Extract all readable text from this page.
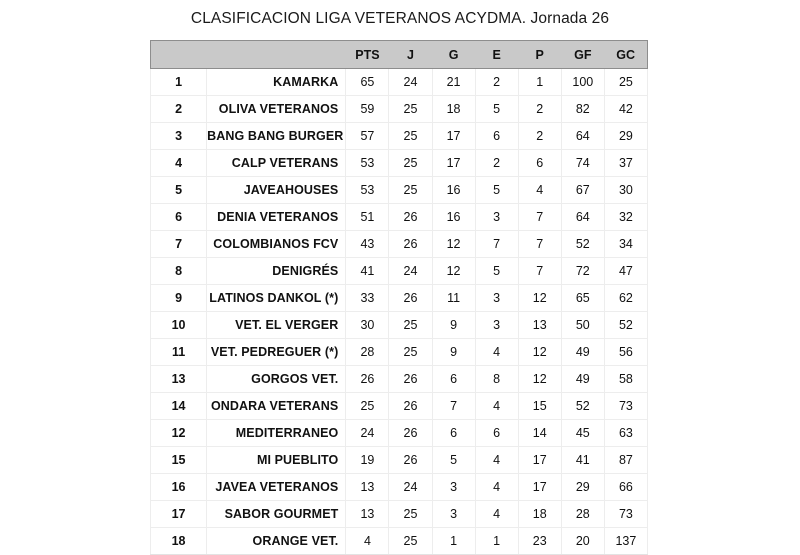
CLASIFICACION LIGA VETERANOS ACYDMA. Jornada 26
		PTS	J	G	E	P	GF	GC
1	KAMARKA	65	24	21	2	1	100	25
2	OLIVA VETERANOS	59	25	18	5	2	82	42
3	BANG BANG BURGER	57	25	17	6	2	64	29
4	CALP VETERANS	53	25	17	2	6	74	37
5	JAVEAHOUSES	53	25	16	5	4	67	30
6	DENIA VETERANOS	51	26	16	3	7	64	32
7	COLOMBIANOS FCV	43	26	12	7	7	52	34
8	DENIGRÉS	41	24	12	5	7	72	47
9	LATINOS DANKOL (*)	33	26	11	3	12	65	62
10	VET. EL VERGER	30	25	9	3	13	50	52
11	VET. PEDREGUER (*)	28	25	9	4	12	49	56
13	GORGOS VET.	26	26	6	8	12	49	58
14	ONDARA VETERANS	25	26	7	4	15	52	73
12	MEDITERRANEO	24	26	6	6	14	45	63
15	MI PUEBLITO	19	26	5	4	17	41	87
16	JAVEA VETERANOS	13	24	3	4	17	29	66
17	SABOR GOURMET	13	25	3	4	18	28	73
18	ORANGE VET.	4	25	1	1	23	20	137
